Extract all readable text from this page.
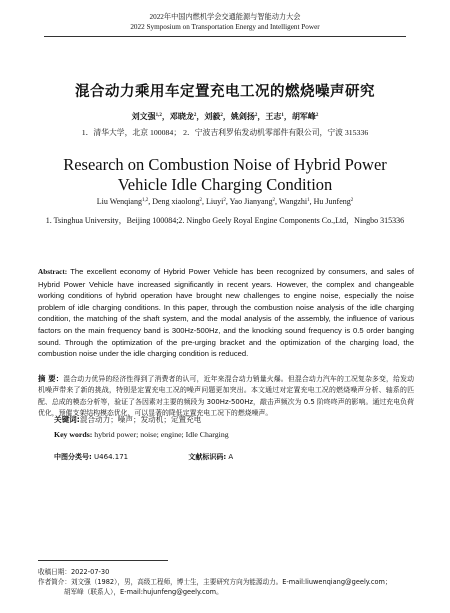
2022年中国内燃机学会交通能源与智能动力大会
2022 Symposium on Transportation Energy and Intelligent Power
混合动力乘用车定置充电工况的燃烧噪声研究
刘文强$^{1,2}$，邓晓龙$^2$，刘毅$^2$，姚剑扬$^2$，王志$^1$，胡军峰$^2$
1．清华大学，北京 100084； 2．宁波吉利罗佑发动机零部件有限公司，宁波 315336
Research on Combustion Noise of Hybrid Power Vehicle Idle Charging Condition
Liu Wenqiang$^{1,2}$, Deng xiaolong$^2$, Liuyi$^2$, Yao Jianyang$^2$, Wangzhi$^1$, Hu Junfeng$^2$
1. Tsinghua University，Beijing 100084;2. Ningbo Geely Royal Engine Components Co.,Ltd，Ningbo 315336
Abstract: The excellent economy of Hybrid Power Vehicle has been recognized by consumers, and sales of Hybrid Power Vehicle have increased significantly in recent years. However, the complex and changeable working conditions of hybrid operation have brought new challenges to engine noise, especially the noise problem of idle charging conditions. In this paper, through the combustion noise analysis of the idle charging condition, the matching of the shaft system, and the modal analysis of the assembly, the influence of various factors on the main frequency band is 300Hz-500Hz, and the knocking sound frequency is 0.5 order banging sound. Through the optimization of the pre-urging bracket and the optimization of the charging load, the combustion noise under the idle charging condition is reduced.
摘 要：混合动力优异的经济性得到了消费者的认可，近年来混合动力销量火爆。但混合动力汽车的工况复杂多变，给发动机噪声带来了新的挑战，特别是定置充电工况的噪声问题更加突出。本文通过对定置充电工况的燃烧噪声分析、轴系的匹配、总成的模态分析等，验证了各因素对主要的频段为 300Hz-500Hz，敲击声频次为 0.5 阶咚咚声的影响。通过充电负荷优化，预催支架结构模态优化，可以显著的降低定置充电工况下的燃烧噪声。
关键词:混合动力；噪声；发动机；定置充电
Key words: hybrid power; noise; engine; Idle Charging
中图分类号: U464.171	文献标识码: A
收稿日期：2022-07-30
作者简介：刘文强（1982），男，高级工程师，博士生，主要研究方向为能源动力。E-mail:liuwenqiang@geely.com；
胡军峰（联系人），E-mail:hujunfeng@geely.com。
